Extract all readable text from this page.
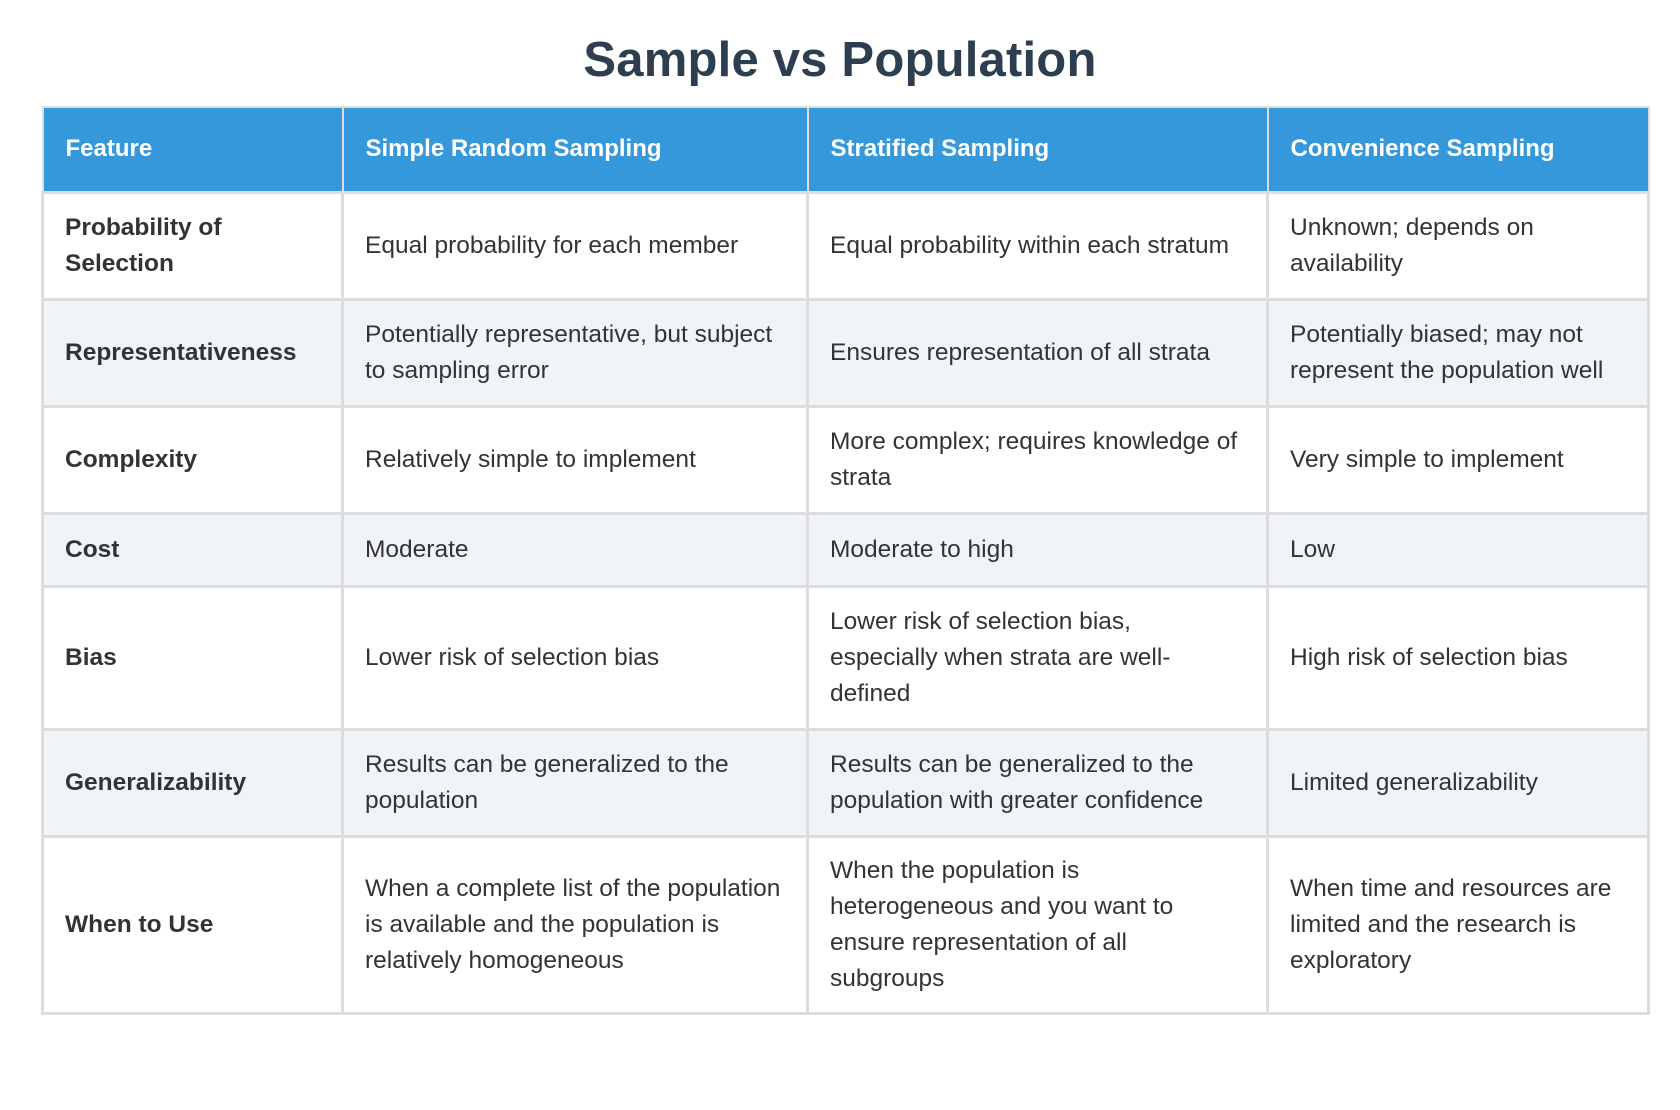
Sample vs Population
Feature	Simple Random Sampling	Stratified Sampling	Convenience Sampling
Probability of Selection	Equal probability for each member	Equal probability within each stratum	Unknown; depends on availability
Representativeness	Potentially representative, but subject to sampling error	Ensures representation of all strata	Potentially biased; may not represent the population well
Complexity	Relatively simple to implement	More complex; requires knowledge of strata	Very simple to implement
Cost	Moderate	Moderate to high	Low
Bias	Lower risk of selection bias	Lower risk of selection bias, especially when strata are well-defined	High risk of selection bias
Generalizability	Results can be generalized to the population	Results can be generalized to the population with greater confidence	Limited generalizability
When to Use	When a complete list of the population is available and the population is relatively homogeneous	When the population is heterogeneous and you want to ensure representation of all subgroups	When time and resources are limited and the research is exploratory
